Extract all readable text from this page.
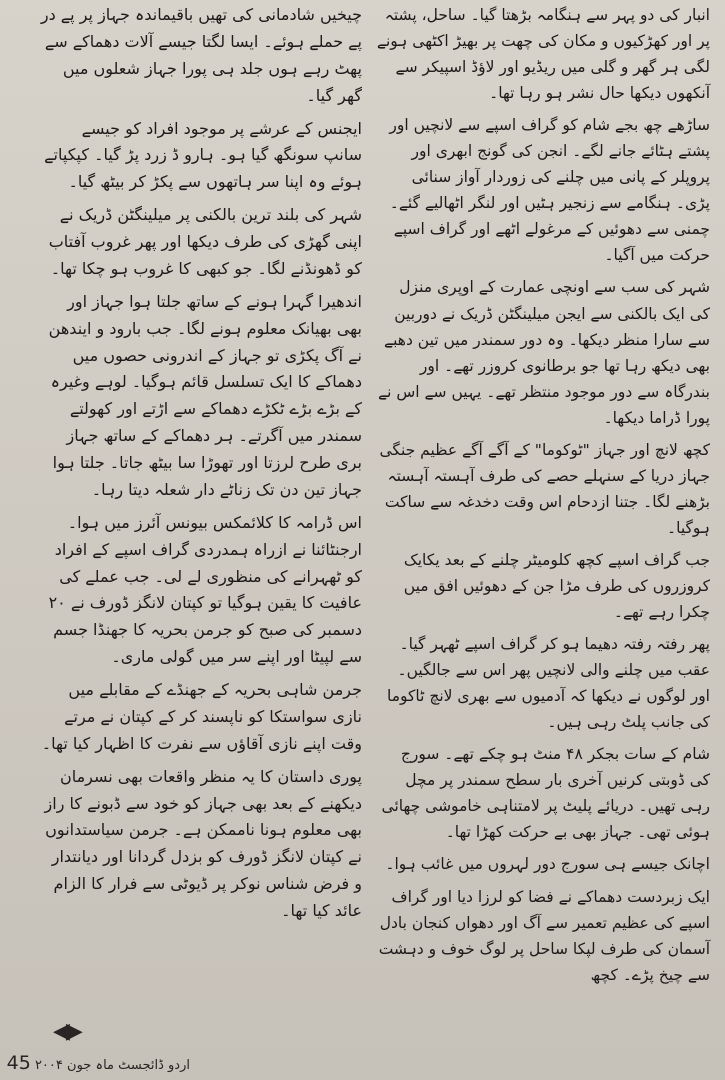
انبار کی دو پہر سے ہنگامہ بڑھتا گیا۔ ساحل، پشتہ پر اور کھڑکیوں و مکان کی چھت پر بھیڑ اکٹھی ہونے لگی ہر گھر و گلی میں ریڈیو اور لاؤڈ اسپیکر سے آنکھوں دیکھا حال نشر ہو رہا تھا۔

ساڑھے چھ بجے شام کو گراف اسپے سے لانچیں اور پشتے ہٹائے جانے لگے۔ انجن کی گونج ابھری اور پروپلر کے پانی میں چلنے کی زوردار آواز سنائی پڑی۔ ہنگامے سے زنجیر ہٹیں اور لنگر اٹھالیے گئے۔ چمنی سے دھوئیں کے مرغولے اٹھے اور گراف اسپے حرکت میں آگیا۔

شہر کی سب سے اونچی عمارت کے اوپری منزل کی ایک بالکنی سے ایجن میلینگٹن ڈریک نے دوربین سے سارا منظر دیکھا۔ وہ دور سمندر میں تین دھبے بھی دیکھ رہا تھا جو برطانوی کروزر تھے۔ اور بندرگاہ سے دور موجود منتظر تھے۔ یہیں سے اس نے پورا ڈراما دیکھا۔

کچھ لانچ اور جہاز "ٹوکوما" کے آگے آگے عظیم جنگی جہاز دریا کے سنہلے حصے کی طرف آہستہ آہستہ بڑھنے لگا۔ جتنا ازدحام اس وقت دخدغہ سے ساکت ہوگیا۔

جب گراف اسپے کچھ کلومیٹر چلنے کے بعد یکایک کروزروں کی طرف مڑا جن کے دھوئیں افق میں چکرا رہے تھے۔

پھر رفتہ رفتہ دھیما ہو کر گراف اسپے ٹھہر گیا۔ عقب میں چلنے والی لانچیں پھر اس سے جالگیں۔ اور لوگوں نے دیکھا کہ آدمیوں سے بھری لانچ ٹاکوما کی جانب پلٹ رہی ہیں۔

شام کے سات بجکر ۴۸ منٹ ہو چکے تھے۔ سورج کی ڈوبتی کرنیں آخری بار سطح سمندر پر مچل رہی تھیں۔ دریائے پلیٹ پر لامتناہی خاموشی چھائی ہوئی تھی۔ جہاز بھی بے حرکت کھڑا تھا۔

اچانک جیسے ہی سورج دور لہروں میں غائب ہوا۔

ایک زبردست دھماکے نے فضا کو لرزا دیا اور گراف اسپے کی عظیم تعمیر سے آگ اور دھواں کنجان بادل آسمان کی طرف لپکا ساحل پر لوگ خوف و دہشت سے چیخ پڑے۔ کچھ

چیخیں شادمانی کی تھیں باقیماندہ جہاز پر پے در پے حملے ہوئے۔ ایسا لگتا جیسے آلات دھماکے سے پھٹ رہے ہوں جلد ہی پورا جہاز شعلوں میں گھر گیا۔

ایجنس کے عرشے پر موجود افراد کو جیسے سانپ سونگھ گیا ہو۔ ہارو ڈ زرد پڑ گیا۔ کپکپاتے ہوئے وہ اپنا سر ہاتھوں سے پکڑ کر بیٹھ گیا۔

شہر کی بلند ترین بالکنی پر میلینگٹن ڈریک نے اپنی گھڑی کی طرف دیکھا اور پھر غروب آفتاب کو ڈھونڈنے لگا۔ جو کبھی کا غروب ہو چکا تھا۔

اندھیرا گہرا ہونے کے ساتھ جلتا ہوا جہاز اور بھی بھیانک معلوم ہونے لگا۔ جب بارود و ایندھن نے آگ پکڑی تو جہاز کے اندرونی حصوں میں دھماکے کا ایک تسلسل قائم ہوگیا۔ لوہے وغیرہ کے بڑے بڑے ٹکڑے دھماکے سے اڑتے اور کھولتے سمندر میں آگرتے۔ ہر دھماکے کے ساتھ جہاز بری طرح لرزتا اور تھوڑا سا بیٹھ جاتا۔ جلتا ہوا جہاز تین دن تک زناٹے دار شعلہ دیتا رہا۔

اس ڈرامہ کا کلائمکس بیونس آئرز میں ہوا۔ ارجنٹائنا نے ازراہ ہمدردی گراف اسپے کے افراد کو ٹھہرانے کی منظوری لے لی۔ جب عملے کی عافیت کا یقین ہوگیا تو کپتان لانگز ڈورف نے ۲۰ دسمبر کی صبح کو جرمن بحریہ کا جھنڈا جسم سے لپیٹا اور اپنے سر میں گولی ماری۔

جرمن شاہی بحریہ کے جھنڈے کے مقابلے میں نازی سواستکا کو ناپسند کر کے کپتان نے مرتے وقت اپنے نازی آقاؤں سے نفرت کا اظہار کیا تھا۔

پوری داستان کا یہ منظر واقعات بھی نسرمان دیکھنے کے بعد بھی جہاز کو خود سے ڈبونے کا راز بھی معلوم ہونا ناممکن ہے۔ جرمن سیاستدانوں نے کپتان لانگز ڈورف کو بزدل گردانا اور دیانتدار و فرض شناس نوکر پر ڈیوٹی سے فرار کا الزام عائد کیا تھا۔

◀▶
اردو ڈائجسٹ ماہ جون ۲۰۰۴ 45
